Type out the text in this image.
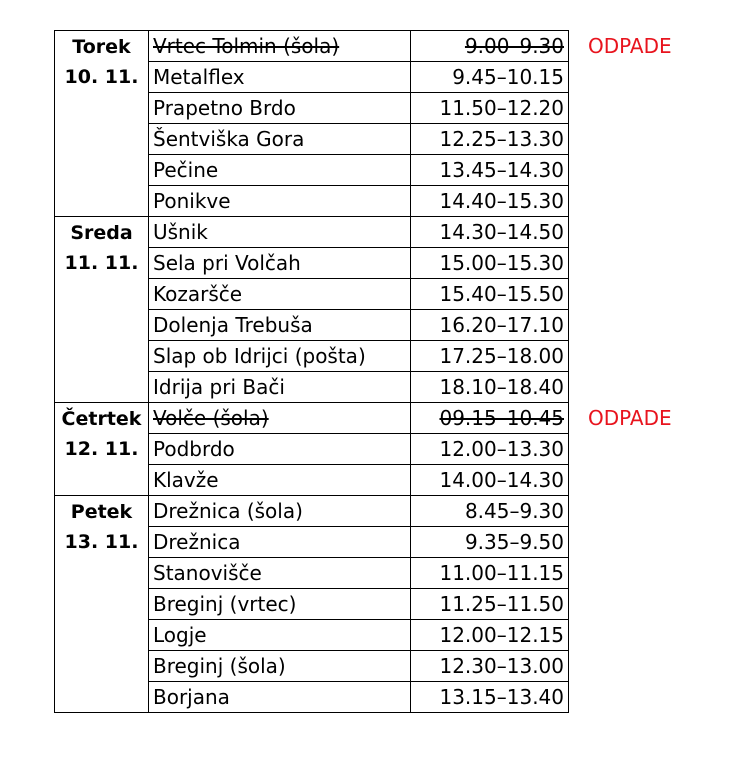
Torek
10. 11.	Vrtec Tolmin (šola)	9.00–9.30
	Metalflex	9.45–10.15
	Prapetno Brdo	11.50–12.20
	Šentviška Gora	12.25–13.30
	Pečine	13.45–14.30
	Ponikve	14.40–15.30

Sreda
11. 11.	Ušnik	14.30–14.50
	Sela pri Volčah	15.00–15.30
	Kozaršče	15.40–15.50
	Dolenja Trebuša	16.20–17.10
	Slap ob Idrijci (pošta)	17.25–18.00
	Idrija pri Bači	18.10–18.40

Četrtek
12. 11.	Volče (šola)	09.15–10.45
	Podbrdo	12.00–13.30
	Klavže	14.00–14.30

Petek
13. 11.	Drežnica (šola)	8.45–9.30
	Drežnica	9.35–9.50
	Stanovišče	11.00–11.15
	Breginj (vrtec)	11.25–11.50
	Logje	12.00–12.15
	Breginj (šola)	12.30–13.00
	Borjana	13.15–13.40
ODPADE
ODPADE
